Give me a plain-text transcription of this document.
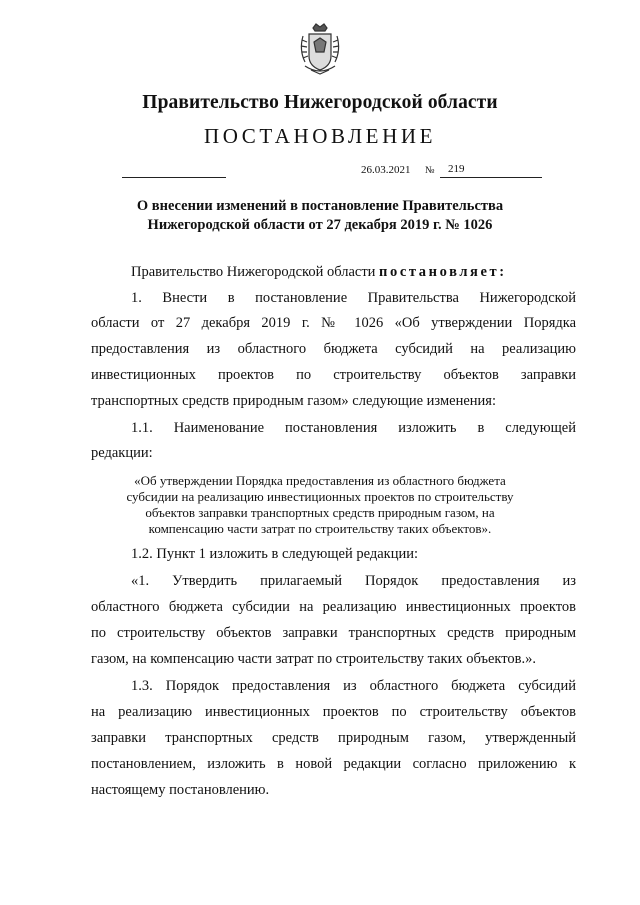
Правительство Нижегородской области
ПОСТАНОВЛЕНИЕ
26.03.2021 № 219
О внесении изменений в постановление Правительства
Нижегородской области от 27 декабря 2019 г. № 1026
Правительство Нижегородской области постановляет:
1. Внести в постановление Правительства Нижегородской
области от 27 декабря 2019 г. № 1026 «Об утверждении Порядка
предоставления из областного бюджета субсидий на реализацию
инвестиционных проектов по строительству объектов заправки
транспортных средств природным газом» следующие изменения:
1.1. Наименование постановления изложить в следующей
редакции:
«Об утверждении Порядка предоставления из областного бюджета
субсидии на реализацию инвестиционных проектов по строительству
объектов заправки транспортных средств природным газом, на
компенсацию части затрат по строительству таких объектов».
1.2. Пункт 1 изложить в следующей редакции:
«1. Утвердить прилагаемый Порядок предоставления из
областного бюджета субсидии на реализацию инвестиционных проектов
по строительству объектов заправки транспортных средств природным
газом, на компенсацию части затрат по строительству таких объектов.».
1.3. Порядок предоставления из областного бюджета субсидий
на реализацию инвестиционных проектов по строительству объектов
заправки транспортных средств природным газом, утвержденный
постановлением, изложить в новой редакции согласно приложению к
настоящему постановлению.
